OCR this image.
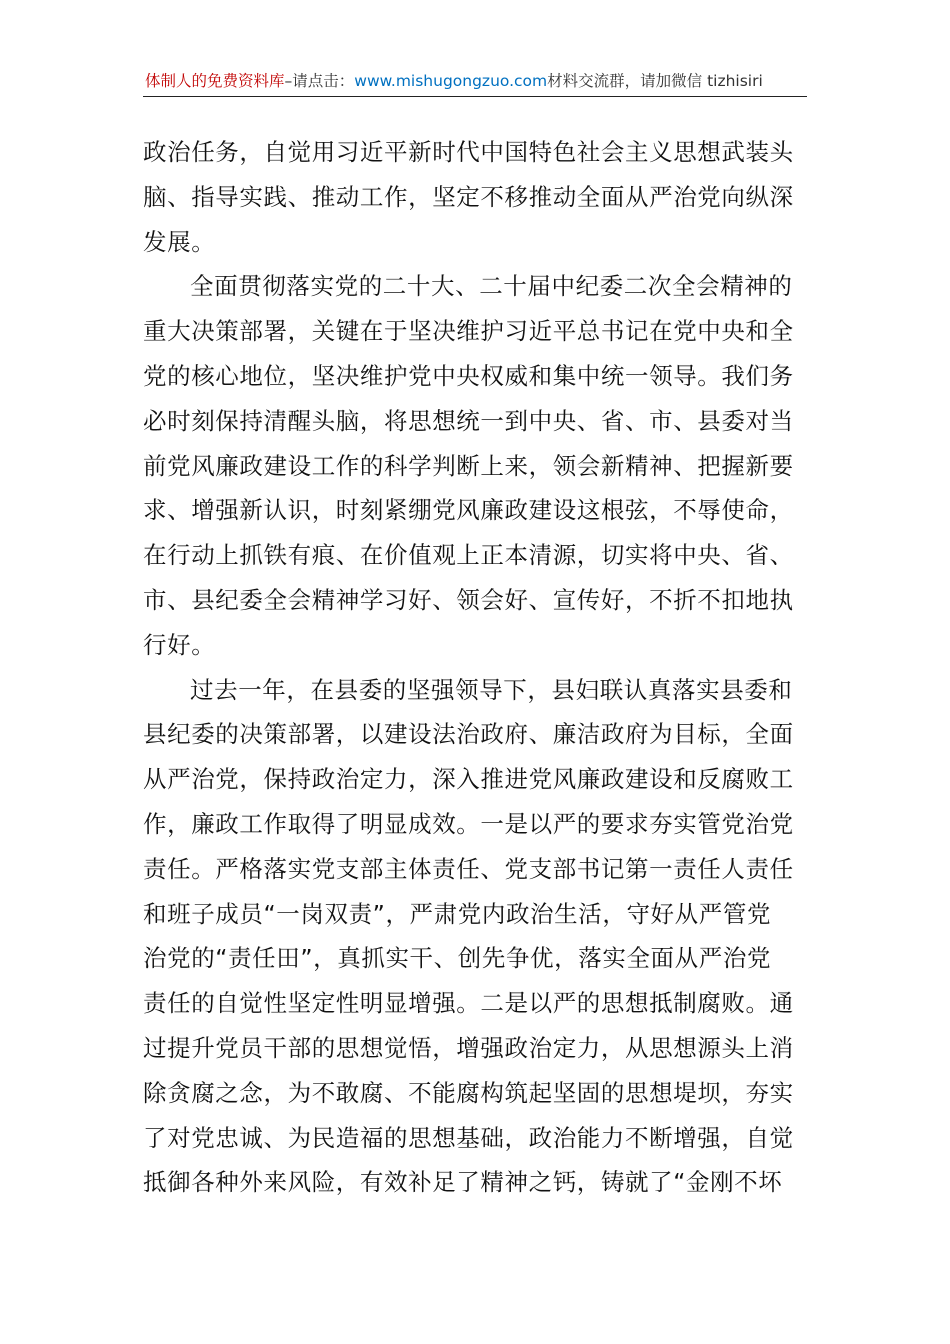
体制人的免费资料库–请点击：www.mishugongzuo.com材料交流群，请加微信 tizhisiri

政治任务，自觉用习近平新时代中国特色社会主义思想武装头
脑、指导实践、推动工作，坚定不移推动全面从严治党向纵深
发展。

全面贯彻落实党的二十大、二十届中纪委二次全会精神的
重大决策部署，关键在于坚决维护习近平总书记在党中央和全
党的核心地位，坚决维护党中央权威和集中统一领导。我们务
必时刻保持清醒头脑，将思想统一到中央、省、市、县委对当
前党风廉政建设工作的科学判断上来，领会新精神、把握新要
求、增强新认识，时刻紧绷党风廉政建设这根弦，不辱使命，
在行动上抓铁有痕、在价值观上正本清源，切实将中央、省、
市、县纪委全会精神学习好、领会好、宣传好，不折不扣地执
行好。

过去一年，在县委的坚强领导下，县妇联认真落实县委和
县纪委的决策部署，以建设法治政府、廉洁政府为目标，全面
从严治党，保持政治定力，深入推进党风廉政建设和反腐败工
作，廉政工作取得了明显成效。一是以严的要求夯实管党治党
责任。严格落实党支部主体责任、党支部书记第一责任人责任
和班子成员“一岗双责”，严肃党内政治生活，守好从严管党
治党的“责任田”，真抓实干、创先争优，落实全面从严治党
责任的自觉性坚定性明显增强。二是以严的思想抵制腐败。通
过提升党员干部的思想觉悟，增强政治定力，从思想源头上消
除贪腐之念，为不敢腐、不能腐构筑起坚固的思想堤坝，夯实
了对党忠诚、为民造福的思想基础，政治能力不断增强，自觉
抵御各种外来风险，有效补足了精神之钙，铸就了“金刚不坏
